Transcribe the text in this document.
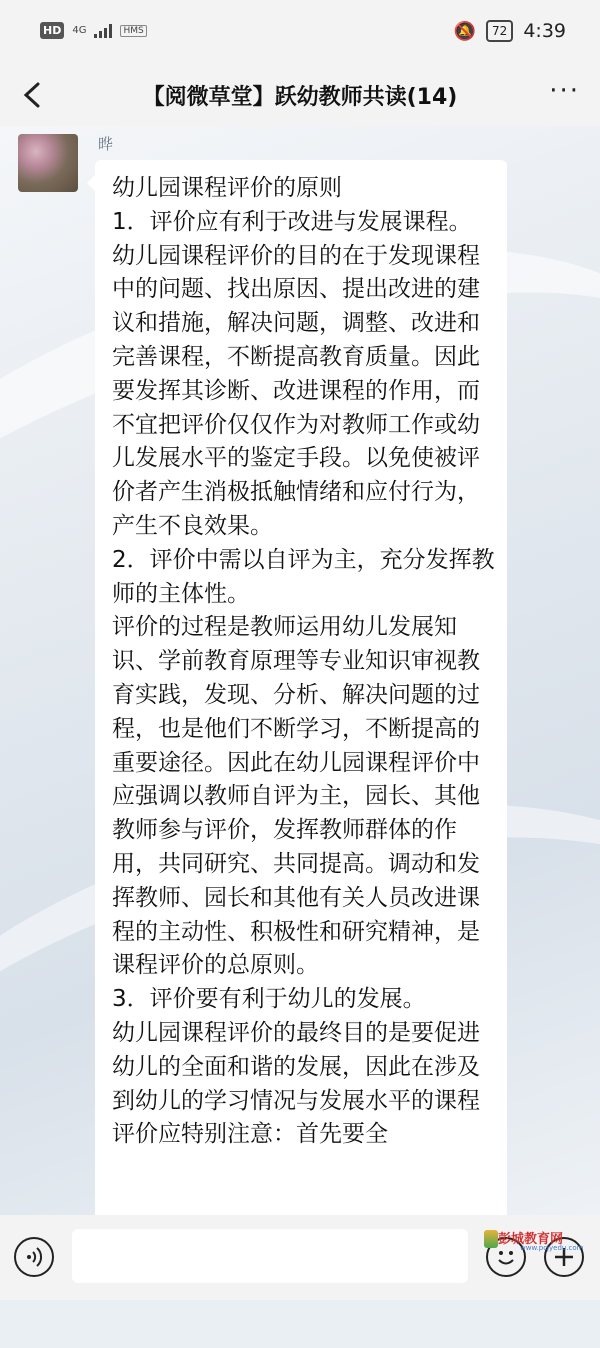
HD	4G	HMS	🔕	72 4:39
【阅微草堂】跃幼教师共读(14)	···
晔

幼儿园课程评价的原则

1．评价应有利于改进与发展课程。

幼儿园课程评价的目的在于发现课程中的问题、找出原因、提出改进的建议和措施，解决问题，调整、改进和完善课程，不断提高教育质量。因此要发挥其诊断、改进课程的作用，而不宜把评价仅仅作为对教师工作或幼儿发展水平的鉴定手段。以免使被评价者产生消极抵触情绪和应付行为，产生不良效果。

2．评价中需以自评为主，充分发挥教师的主体性。

评价的过程是教师运用幼儿发展知识、学前教育原理等专业知识审视教育实践，发现、分析、解决问题的过程，也是他们不断学习，不断提高的重要途径。因此在幼儿园课程评价中应强调以教师自评为主，园长、其他教师参与评价，发挥教师群体的作用，共同研究、共同提高。调动和发挥教师、园长和其他有关人员改进课程的主动性、积极性和研究精神，是课程评价的总原则。

3．评价要有利于幼儿的发展。

幼儿园课程评价的最终目的是要促进幼儿的全面和谐的发展，因此在涉及到幼儿的学习情况与发展水平的课程评价应特别注意：首先要全

彭城教育网
www.pcjyedu.com
